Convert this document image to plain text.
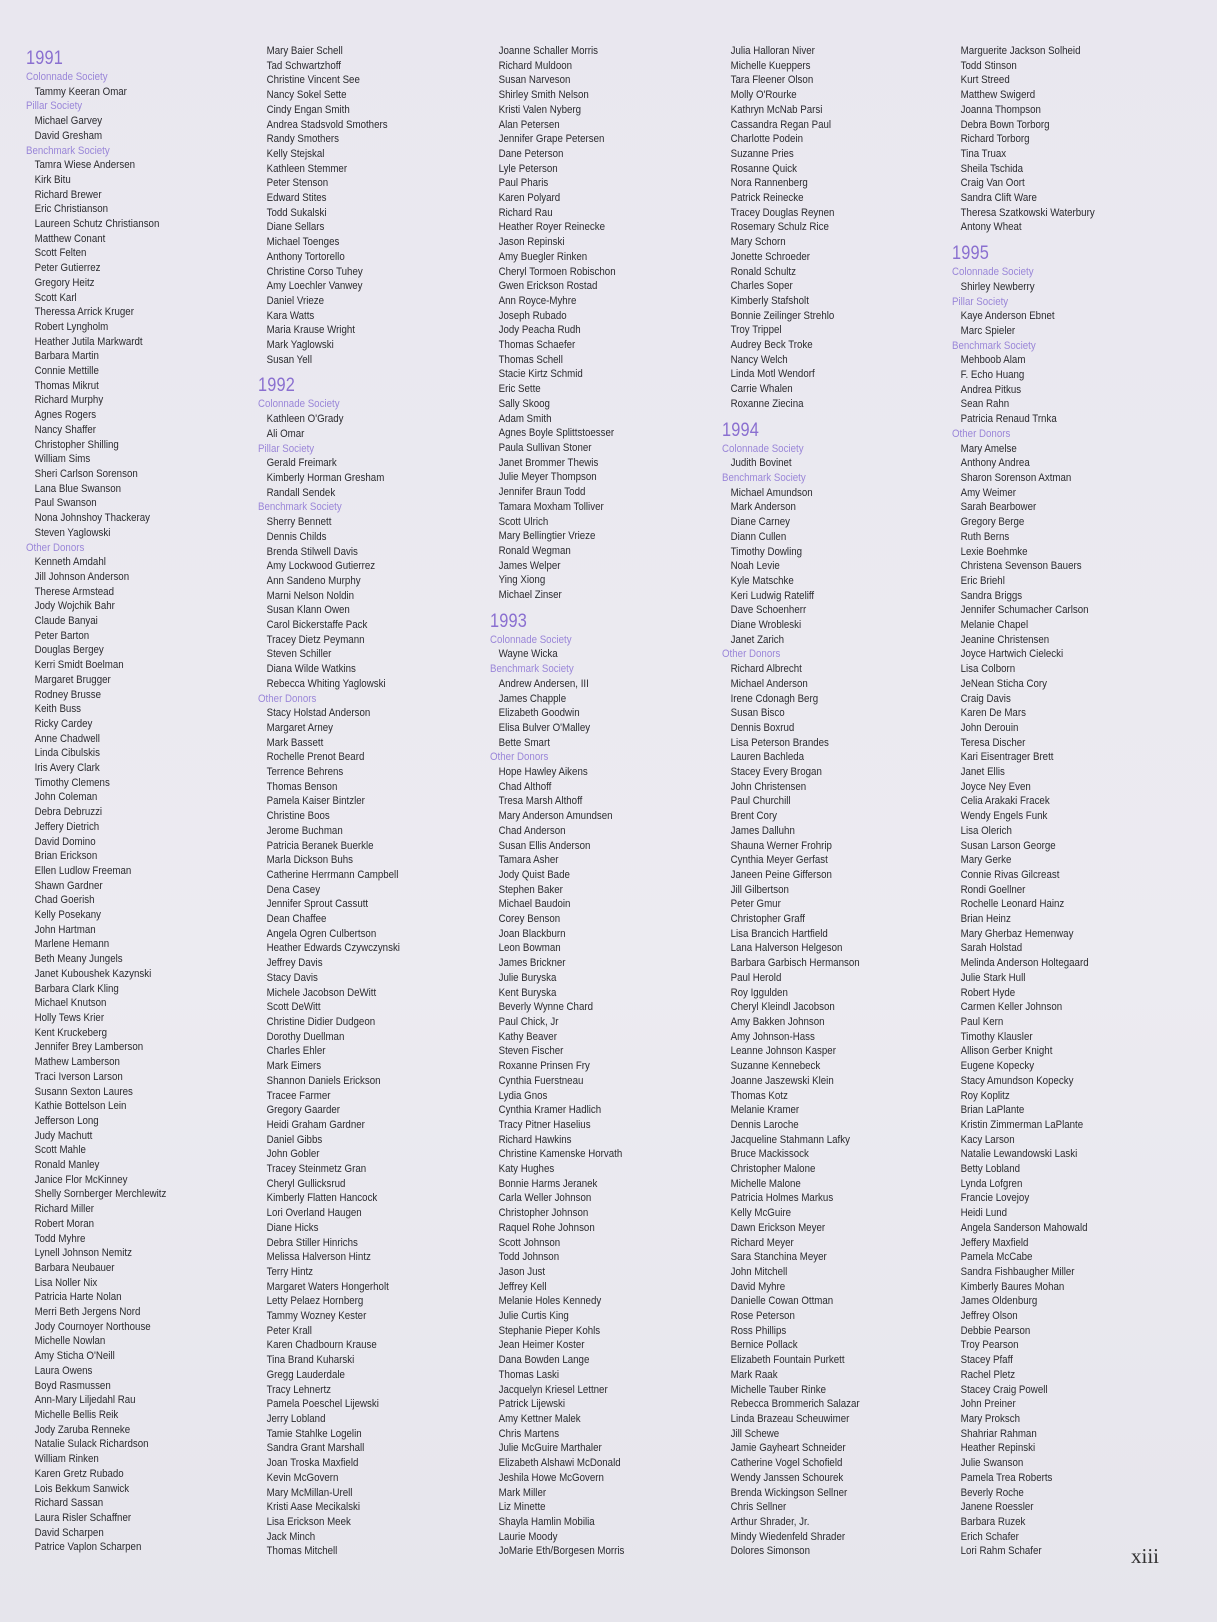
1991
Colonnade Society
Tammy Keeran Omar
Pillar Society
Michael Garvey
David Gresham
Benchmark Society
Tamra Wiese Andersen
Kirk Bitu
Richard Brewer
Eric Christianson
Laureen Schutz Christianson
Matthew Conant
Scott Felten
Peter Gutierrez
Gregory Heitz
Scott Karl
Theressa Arrick Kruger
Robert Lyngholm
Heather Jutila Markwardt
Barbara Martin
Connie Mettille
Thomas Mikrut
Richard Murphy
Agnes Rogers
Nancy Shaffer
Christopher Shilling
William Sims
Sheri Carlson Sorenson
Lana Blue Swanson
Paul Swanson
Nona Johnshoy Thackeray
Steven Yaglowski
Other Donors
Kenneth Amdahl
Jill Johnson Anderson
Therese Armstead
Jody Wojchik Bahr
Claude Banyai
Peter Barton
Douglas Bergey
Kerri Smidt Boelman
Margaret Brugger
Rodney Brusse
Keith Buss
Ricky Cardey
Anne Chadwell
Linda Cibulskis
Iris Avery Clark
Timothy Clemens
John Coleman
Debra Debruzzi
Jeffery Dietrich
David Domino
Brian Erickson
Ellen Ludlow Freeman
Shawn Gardner
Chad Goerish
Kelly Posekany
John Hartman
Marlene Hemann
Beth Meany Jungels
Janet Kuboushek Kazynski
Barbara Clark Kling
Michael Knutson
Holly Tews Krier
Kent Kruckeberg
Jennifer Brey Lamberson
Mathew Lamberson
Traci Iverson Larson
Susann Sexton Laures
Kathie Bottelson Lein
Jefferson Long
Judy Machutt
Scott Mahle
Ronald Manley
Janice Flor McKinney
Shelly Sornberger Merchlewitz
Richard Miller
Robert Moran
Todd Myhre
Lynell Johnson Nemitz
Barbara Neubauer
Lisa Noller Nix
Patricia Harte Nolan
Merri Beth Jergens Nord
Jody Cournoyer Northouse
Michelle Nowlan
Amy Sticha O'Neill
Laura Owens
Boyd Rasmussen
Ann-Mary Liljedahl Rau
Michelle Bellis Reik
Jody Zaruba Renneke
Natalie Sulack Richardson
William Rinken
Karen Gretz Rubado
Lois Bekkum Sanwick
Richard Sassan
Laura Risler Schaffner
David Scharpen
Patrice Vaplon Scharpen
Mary Baier Schell
Tad Schwartzhoff
Christine Vincent See
Nancy Sokel Sette
Cindy Engan Smith
Andrea Stadsvold Smothers
Randy Smothers
Kelly Stejskal
Kathleen Stemmer
Peter Stenson
Edward Stites
Todd Sukalski
Diane Sellars
Michael Toenges
Anthony Tortorello
Christine Corso Tuhey
Amy Loechler Vanwey
Daniel Vrieze
Kara Watts
Maria Krause Wright
Mark Yaglowski
Susan Yell
1992
Colonnade Society
Kathleen O'Grady
Ali Omar
Pillar Society
Gerald Freimark
Kimberly Horman Gresham
Randall Sendek
Benchmark Society
Sherry Bennett
Dennis Childs
Brenda Stilwell Davis
Amy Lockwood Gutierrez
Ann Sandeno Murphy
Marni Nelson Noldin
Susan Klann Owen
Carol Bickerstaffe Pack
Tracey Dietz Peymann
Steven Schiller
Diana Wilde Watkins
Rebecca Whiting Yaglowski
Other Donors
Stacy Holstad Anderson
Margaret Arney
Mark Bassett
Rochelle Prenot Beard
Terrence Behrens
Thomas Benson
Pamela Kaiser Bintzler
Christine Boos
Jerome Buchman
Patricia Beranek Buerkle
Marla Dickson Buhs
Catherine Herrmann Campbell
Dena Casey
Jennifer Sprout Cassutt
Dean Chaffee
Angela Ogren Culbertson
Heather Edwards Czywczynski
Jeffrey Davis
Stacy Davis
Michele Jacobson DeWitt
Scott DeWitt
Christine Didier Dudgeon
Dorothy Duellman
Charles Ehler
Mark Eimers
Shannon Daniels Erickson
Tracee Farmer
Gregory Gaarder
Heidi Graham Gardner
Daniel Gibbs
John Gobler
Tracey Steinmetz Gran
Cheryl Gullicksrud
Kimberly Flatten Hancock
Lori Overland Haugen
Diane Hicks
Debra Stiller Hinrichs
Melissa Halverson Hintz
Terry Hintz
Margaret Waters Hongerholt
Letty Pelaez Hornberg
Tammy Wozney Kester
Peter Krall
Karen Chadbourn Krause
Tina Brand Kuharski
Gregg Lauderdale
Tracy Lehnertz
Pamela Poeschel Lijewski
Jerry Lobland
Tamie Stahlke Logelin
Sandra Grant Marshall
Joan Troska Maxfield
Kevin McGovern
Mary McMillan-Urell
Kristi Aase Mecikalski
Lisa Erickson Meek
Jack Minch
Thomas Mitchell
Joanne Schaller Morris
Richard Muldoon
Susan Narveson
Shirley Smith Nelson
Kristi Valen Nyberg
Alan Petersen
Jennifer Grape Petersen
Dane Peterson
Lyle Peterson
Paul Pharis
Karen Polyard
Richard Rau
Heather Royer Reinecke
Jason Repinski
Amy Buegler Rinken
Cheryl Tormoen Robischon
Gwen Erickson Rostad
Ann Royce-Myhre
Joseph Rubado
Jody Peacha Rudh
Thomas Schaefer
Thomas Schell
Stacie Kirtz Schmid
Eric Sette
Sally Skoog
Adam Smith
Agnes Boyle Splittstoesser
Paula Sullivan Stoner
Janet Brommer Thewis
Julie Meyer Thompson
Jennifer Braun Todd
Tamara Moxham Tolliver
Scott Ulrich
Mary Bellingtier Vrieze
Ronald Wegman
James Welper
Ying Xiong
Michael Zinser
1993
Colonnade Society
Wayne Wicka
Benchmark Society
Andrew Andersen, III
James Chapple
Elizabeth Goodwin
Elisa Bulver O'Malley
Bette Smart
Other Donors
Hope Hawley Aikens
Chad Althoff
Tresa Marsh Althoff
Mary Anderson Amundsen
Chad Anderson
Susan Ellis Anderson
Tamara Asher
Jody Quist Bade
Stephen Baker
Michael Baudoin
Corey Benson
Joan Blackburn
Leon Bowman
James Brickner
Julie Buryska
Kent Buryska
Beverly Wynne Chard
Paul Chick, Jr
Kathy Beaver
Steven Fischer
Roxanne Prinsen Fry
Cynthia Fuerstneau
Lydia Gnos
Cynthia Kramer Hadlich
Tracy Pitner Haselius
Richard Hawkins
Christine Kamenske Horvath
Katy Hughes
Bonnie Harms Jeranek
Carla Weller Johnson
Christopher Johnson
Raquel Rohe Johnson
Scott Johnson
Todd Johnson
Jason Just
Jeffrey Kell
Melanie Holes Kennedy
Julie Curtis King
Stephanie Pieper Kohls
Jean Heimer Koster
Dana Bowden Lange
Thomas Laski
Jacquelyn Kriesel Lettner
Patrick Lijewski
Amy Kettner Malek
Chris Martens
Julie McGuire Marthaler
Elizabeth Alshawi McDonald
Jeshila Howe McGovern
Mark Miller
Liz Minette
Shayla Hamlin Mobilia
Laurie Moody
JoMarie Eth/Borgesen Morris
Julia Halloran Niver
Michelle Kueppers
Tara Fleener Olson
Molly O'Rourke
Kathryn McNab Parsi
Cassandra Regan Paul
Charlotte Podein
Suzanne Pries
Rosanne Quick
Nora Rannenberg
Patrick Reinecke
Tracey Douglas Reynen
Rosemary Schulz Rice
Mary Schorn
Jonette Schroeder
Ronald Schultz
Charles Soper
Kimberly Stafsholt
Bonnie Zeilinger Strehlo
Troy Trippel
Audrey Beck Troke
Nancy Welch
Linda Motl Wendorf
Carrie Whalen
Roxanne Ziecina
1994
Colonnade Society
Judith Bovinet
Benchmark Society
Michael Amundson
Mark Anderson
Diane Carney
Diann Cullen
Timothy Dowling
Noah Levie
Kyle Matschke
Keri Ludwig Rateliff
Dave Schoenherr
Diane Wrobleski
Janet Zarich
Other Donors
Richard Albrecht
Michael Anderson
Irene Cdonagh Berg
Susan Bisco
Dennis Boxrud
Lisa Peterson Brandes
Lauren Bachleda
Stacey Every Brogan
John Christensen
Paul Churchill
Brent Cory
James Dalluhn
Shauna Werner Frohrip
Cynthia Meyer Gerfast
Janeen Peine Gifferson
Jill Gilbertson
Peter Gmur
Christopher Graff
Lisa Brancich Hartfield
Lana Halverson Helgeson
Barbara Garbisch Hermanson
Paul Herold
Roy Iggulden
Cheryl Kleindl Jacobson
Amy Bakken Johnson
Amy Johnson-Hass
Leanne Johnson Kasper
Suzanne Kennebeck
Joanne Jaszewski Klein
Thomas Kotz
Melanie Kramer
Dennis Laroche
Jacqueline Stahmann Lafky
Bruce Mackissock
Christopher Malone
Michelle Malone
Patricia Holmes Markus
Kelly McGuire
Dawn Erickson Meyer
Richard Meyer
Sara Stanchina Meyer
John Mitchell
David Myhre
Danielle Cowan Ottman
Rose Peterson
Ross Phillips
Bernice Pollack
Elizabeth Fountain Purkett
Mark Raak
Michelle Tauber Rinke
Rebecca Brommerich Salazar
Linda Brazeau Scheuwimer
Jill Schewe
Jamie Gayheart Schneider
Catherine Vogel Schofield
Wendy Janssen Schourek
Brenda Wickingson Sellner
Chris Sellner
Arthur Shrader, Jr.
Mindy Wiedenfeld Shrader
Dolores Simonson
Marguerite Jackson Solheid
Todd Stinson
Kurt Streed
Matthew Swigerd
Joanna Thompson
Debra Bown Torborg
Richard Torborg
Tina Truax
Sheila Tschida
Craig Van Oort
Sandra Clift Ware
Theresa Szatkowski Waterbury
Antony Wheat
1995
Colonnade Society
Shirley Newberry
Pillar Society
Kaye Anderson Ebnet
Marc Spieler
Benchmark Society
Mehboob Alam
F. Echo Huang
Andrea Pitkus
Sean Rahn
Patricia Renaud Trnka
Other Donors
Mary Amelse
Anthony Andrea
Sharon Sorenson Axtman
Amy Weimer
Sarah Bearbower
Gregory Berge
Ruth Berns
Lexie Boehmke
Christena Sevenson Bauers
Eric Briehl
Sandra Briggs
Jennifer Schumacher Carlson
Melanie Chapel
Jeanine Christensen
Joyce Hartwich Cielecki
Lisa Colborn
JeNean Sticha Cory
Craig Davis
Karen De Mars
John Derouin
Teresa Discher
Kari Eisentrager Brett
Janet Ellis
Joyce Ney Even
Celia Arakaki Fracek
Wendy Engels Funk
Lisa Olerich
Susan Larson George
Mary Gerke
Connie Rivas Gilcreast
Rondi Goellner
Rochelle Leonard Hainz
Brian Heinz
Mary Gherbaz Hemenway
Sarah Holstad
Melinda Anderson Holtegaard
Julie Stark Hull
Robert Hyde
Carmen Keller Johnson
Paul Kern
Timothy Klausler
Allison Gerber Knight
Eugene Kopecky
Stacy Amundson Kopecky
Roy Koplitz
Brian LaPlante
Kristin Zimmerman LaPlante
Kacy Larson
Natalie Lewandowski Laski
Betty Lobland
Lynda Lofgren
Francie Lovejoy
Heidi Lund
Angela Sanderson Mahowald
Jeffery Maxfield
Pamela McCabe
Sandra Fishbaugher Miller
Kimberly Baures Mohan
James Oldenburg
Jeffrey Olson
Debbie Pearson
Troy Pearson
Stacey Pfaff
Rachel Pletz
Stacey Craig Powell
John Preiner
Mary Proksch
Shahriar Rahman
Heather Repinski
Julie Swanson
Pamela Trea Roberts
Beverly Roche
Janene Roessler
Barbara Ruzek
Erich Schafer
Lori Rahm Schafer	xiii
